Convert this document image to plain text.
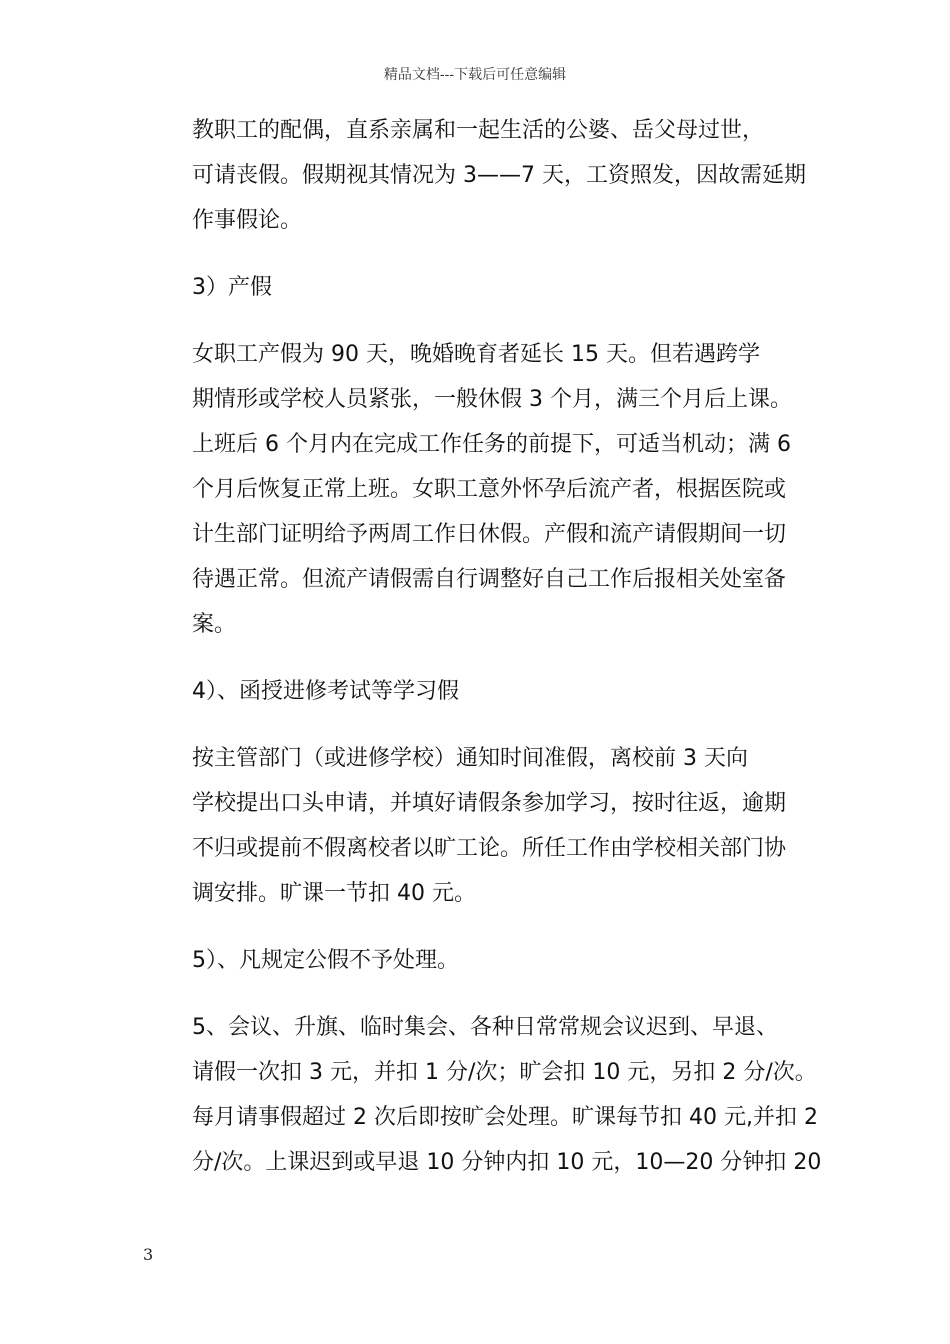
精品文档---下载后可任意编辑

教职工的配偶，直系亲属和一起生活的公婆、岳父母过世，
可请丧假。假期视其情况为 3——7 天，工资照发，因故需延期
作事假论。

3）产假

女职工产假为 90 天，晚婚晚育者延长 15 天。但若遇跨学
期情形或学校人员紧张，一般休假 3 个月，满三个月后上课。
上班后 6 个月内在完成工作任务的前提下，可适当机动；满 6
个月后恢复正常上班。女职工意外怀孕后流产者，根据医院或
计生部门证明给予两周工作日休假。产假和流产请假期间一切
待遇正常。但流产请假需自行调整好自己工作后报相关处室备
案。

4）、函授进修考试等学习假

按主管部门（或进修学校）通知时间准假，离校前 3 天向
学校提出口头申请，并填好请假条参加学习，按时往返，逾期
不归或提前不假离校者以旷工论。所任工作由学校相关部门协
调安排。旷课一节扣 40 元。

5）、凡规定公假不予处理。

5、会议、升旗、临时集会、各种日常常规会议迟到、早退、
请假一次扣 3 元，并扣 1 分/次；旷会扣 10 元，另扣 2 分/次。
每月请事假超过 2 次后即按旷会处理。旷课每节扣 40 元,并扣 2
分/次。上课迟到或早退 10 分钟内扣 10 元，10—20 分钟扣 20

3
